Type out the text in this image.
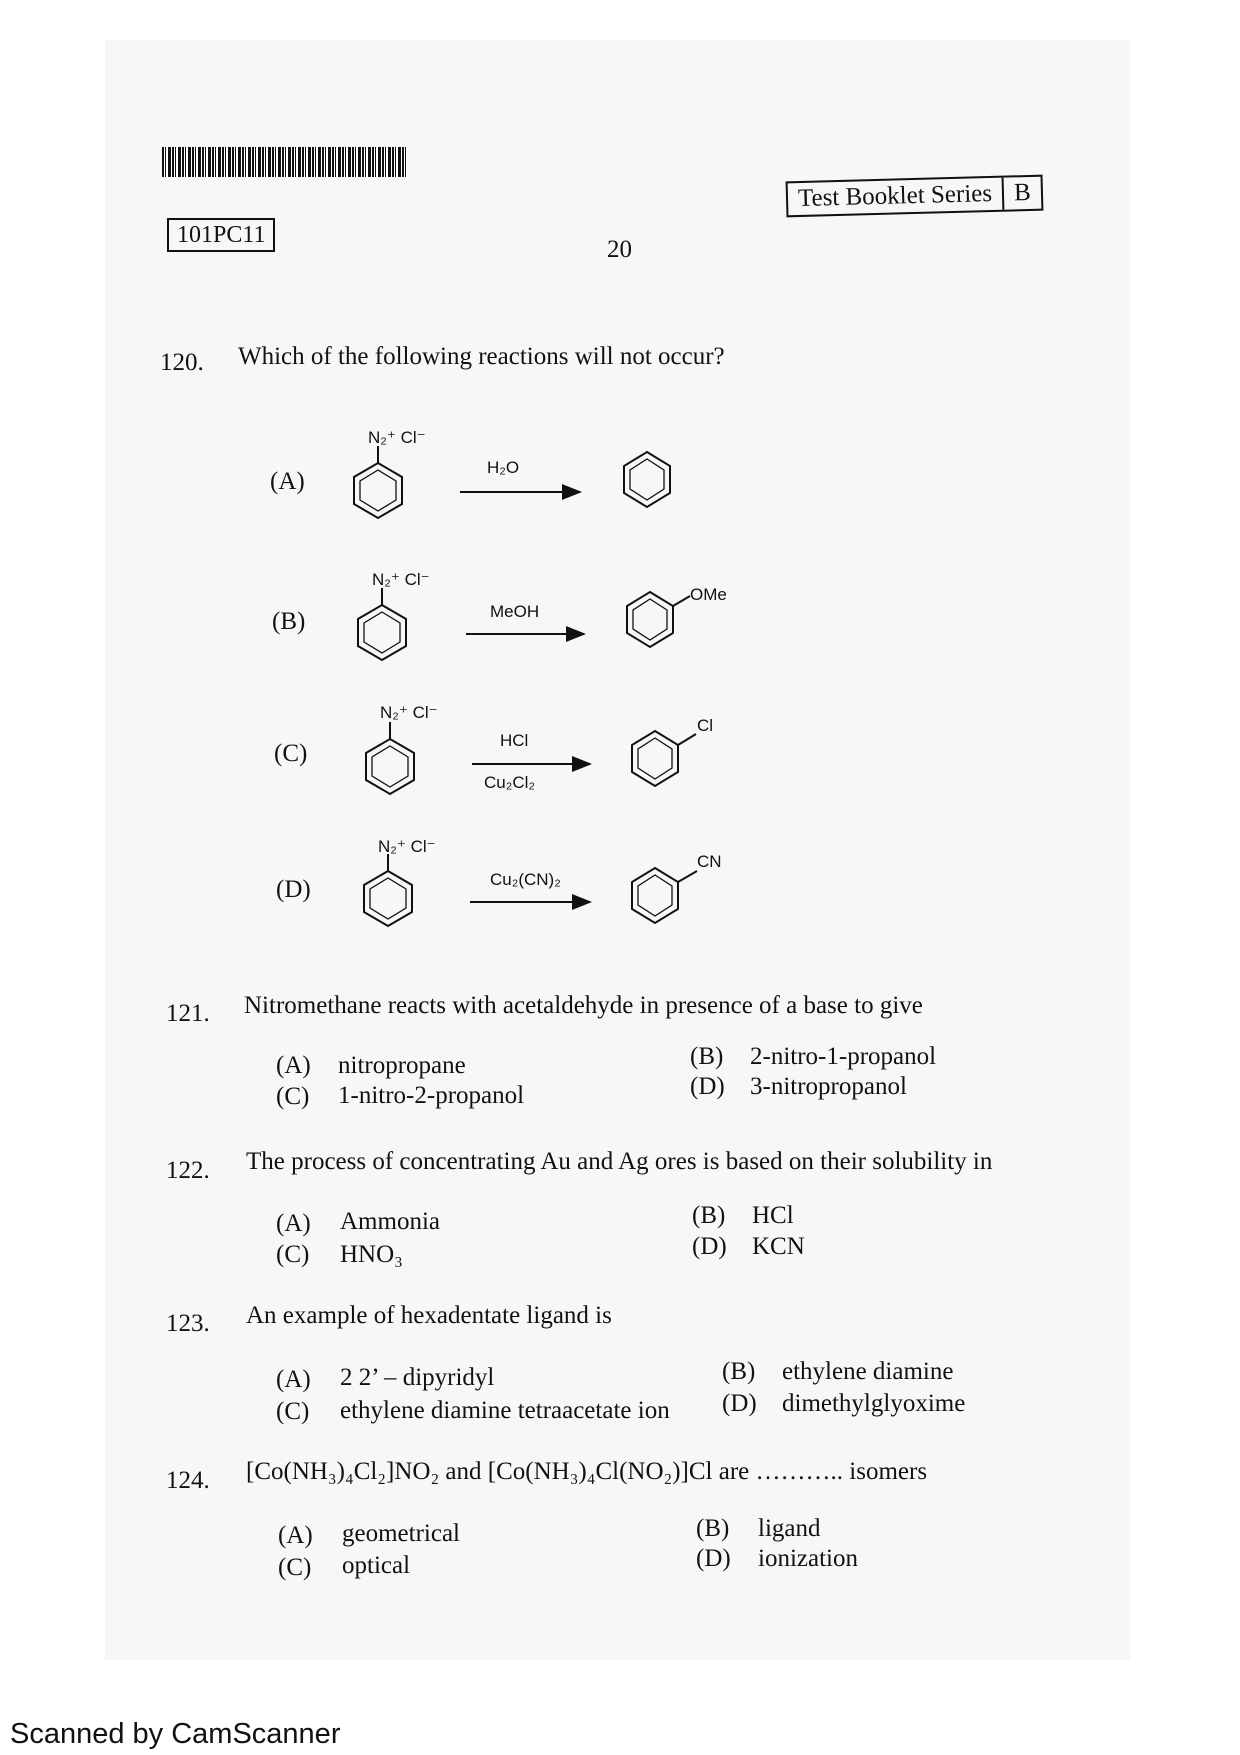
101PC11
Test Booklet Series B
20
120. Which of the following reactions will not occur?
(A)
N₂⁺ Cl⁻
H₂O
(B)
N₂⁺ Cl⁻
MeOH
OMe
(C)
N₂⁺ Cl⁻
HCl
Cu₂Cl₂
Cl
(D)
N₂⁺ Cl⁻
Cu₂(CN)₂
CN
121. Nitromethane reacts with acetaldehyde in presence of a base to give
(A) nitropropane	(B) 2-nitro-1-propanol
(C) 1-nitro-2-propanol	(D) 3-nitropropanol
122. The process of concentrating Au and Ag ores is based on their solubility in
(A) Ammonia	(B) HCl
(C) HNO₃	(D) KCN
123. An example of hexadentate ligand is
(A) 2 2’ – dipyridyl	(B) ethylene diamine
(C) ethylene diamine tetraacetate ion (D) dimethylglyoxime
124. [Co(NH₃)₄Cl₂]NO₂ and [Co(NH₃)₄Cl(NO₂)]Cl are ……….. isomers
(A) geometrical	(B) ligand
(C) optical	(D) ionization
Scanned by CamScanner
